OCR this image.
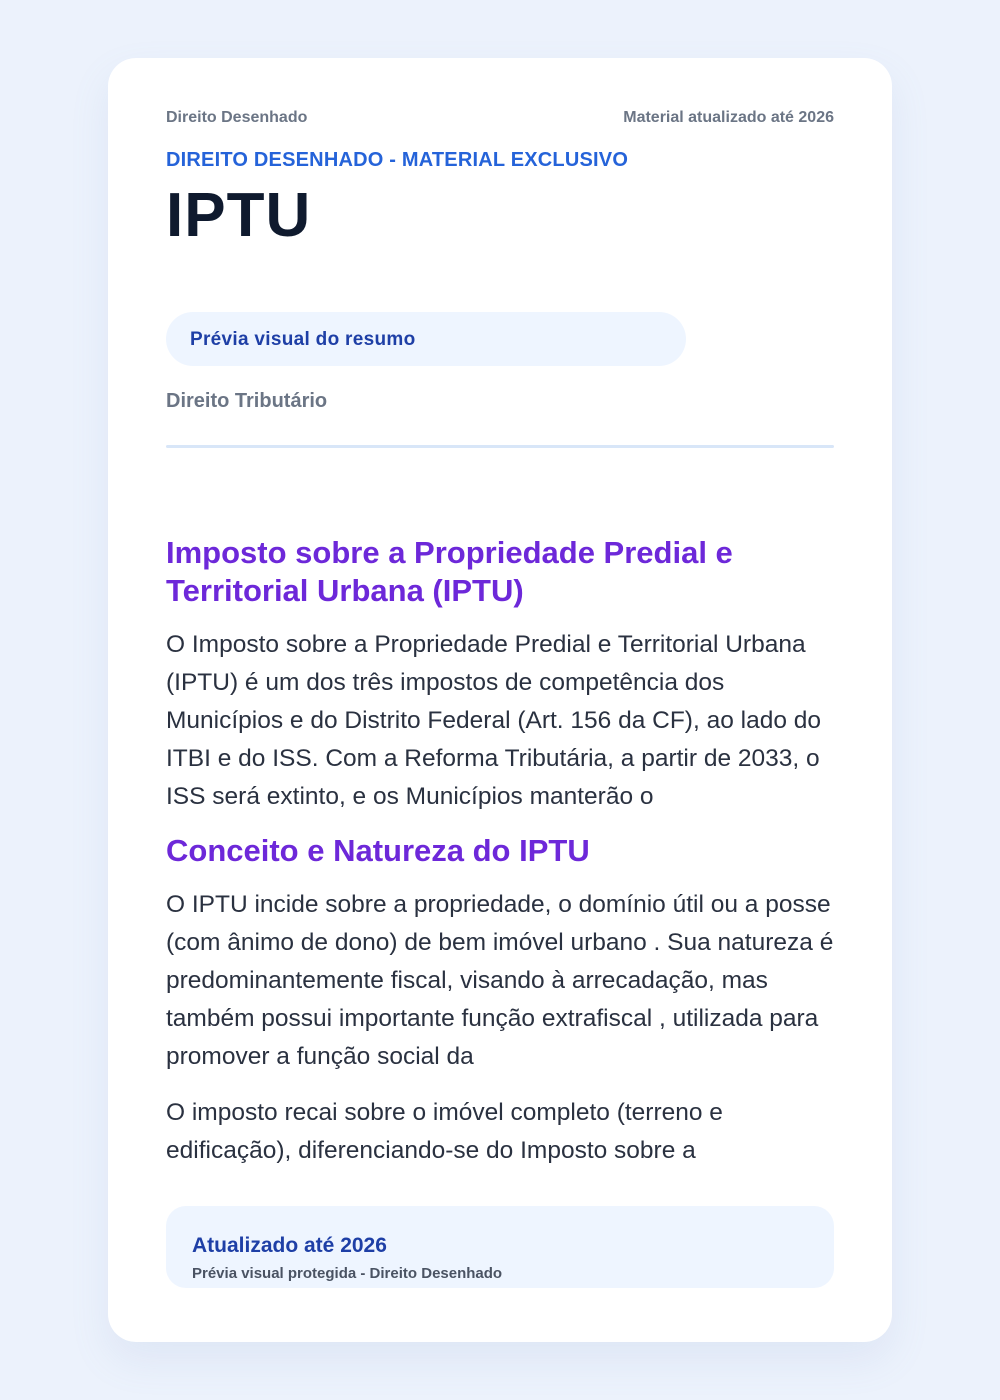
Direito Desenhado	Material atualizado até 2026
DIREITO DESENHADO - MATERIAL EXCLUSIVO
IPTU
Prévia visual do resumo
Direito Tributário
Imposto sobre a Propriedade Predial e Territorial Urbana (IPTU)
O Imposto sobre a Propriedade Predial e Territorial Urbana (IPTU) é um dos três impostos de competência dos Municípios e do Distrito Federal (Art. 156 da CF), ao lado do ITBI e do ISS. Com a Reforma Tributária, a partir de 2033, o ISS será extinto, e os Municípios manterão o
Conceito e Natureza do IPTU
O IPTU incide sobre a propriedade, o domínio útil ou a posse (com ânimo de dono) de bem imóvel urbano . Sua natureza é predominantemente fiscal, visando à arrecadação, mas também possui importante função extrafiscal , utilizada para promover a função social da
O imposto recai sobre o imóvel completo (terreno e edificação), diferenciando-se do Imposto sobre a
Atualizado até 2026
Prévia visual protegida - Direito Desenhado
